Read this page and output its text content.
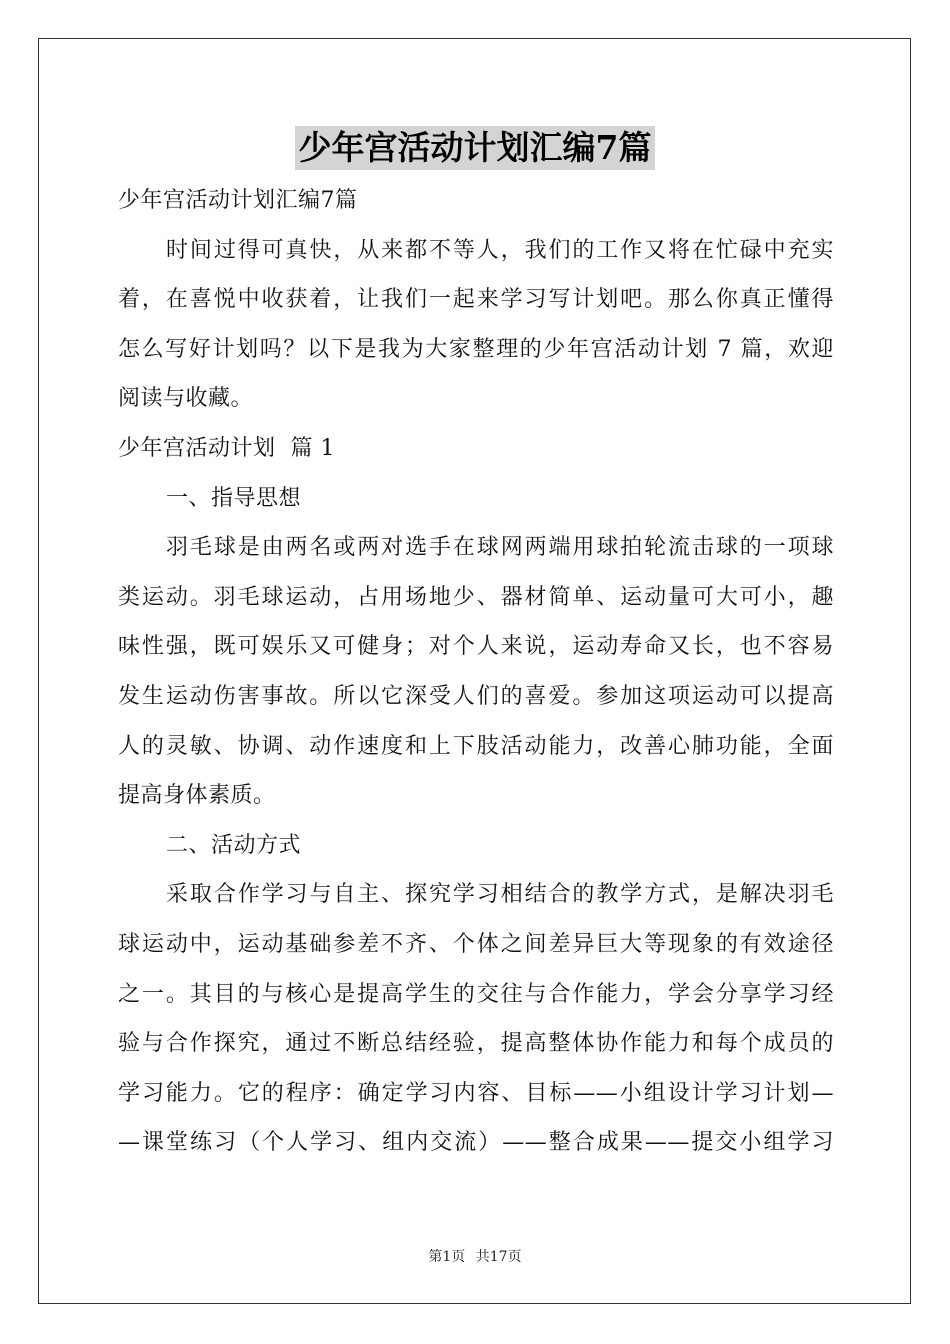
少年宫活动计划汇编7篇

少年宫活动计划汇编7篇

时间过得可真快，从来都不等人，我们的工作又将在忙碌中充实

着，在喜悦中收获着，让我们一起来学习写计划吧。那么你真正懂得

怎么写好计划吗？以下是我为大家整理的少年宫活动计划 7 篇，欢迎

阅读与收藏。

少年宫活动计划  篇 1

一、指导思想

羽毛球是由两名或两对选手在球网两端用球拍轮流击球的一项球

类运动。羽毛球运动，占用场地少、器材简单、运动量可大可小，趣

味性强，既可娱乐又可健身；对个人来说，运动寿命又长，也不容易

发生运动伤害事故。所以它深受人们的喜爱。参加这项运动可以提高

人的灵敏、协调、动作速度和上下肢活动能力，改善心肺功能，全面

提高身体素质。

二、活动方式

采取合作学习与自主、探究学习相结合的教学方式，是解决羽毛

球运动中，运动基础参差不齐、个体之间差异巨大等现象的有效途径

之一。其目的与核心是提高学生的交往与合作能力，学会分享学习经

验与合作探究，通过不断总结经验，提高整体协作能力和每个成员的

学习能力。它的程序：确定学习内容、目标——小组设计学习计划—

—课堂练习（个人学习、组内交流）——整合成果——提交小组学习

第1页 共17页
